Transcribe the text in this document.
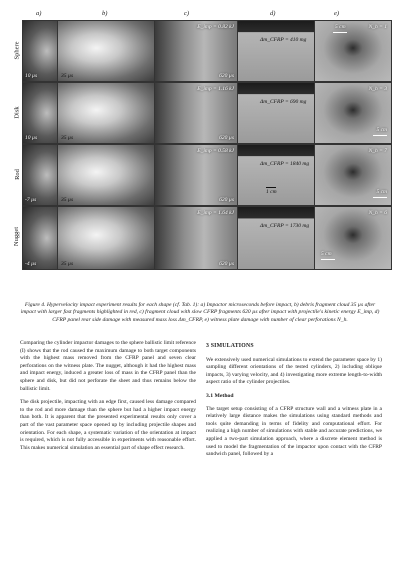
a)	b)	c)	d)	e)
Sphere
10 µs	35 µs
E_imp = 0.82 kJ
620 µs
Δm_CFRP = 410 mg
5 cm	N_h = 1
Disk
10 µs	35 µs
E_imp = 1.16 kJ
620 µs
Δm_CFRP = 690 mg
N_h = 3
5 cm
Rod
-7 µs	35 µs
E_imp = 0.58 kJ
620 µs
Δm_CFRP = 1840 mg
1 cm
N_h = 7
5 cm
Nugget
-4 µs	35 µs
E_imp = 1.64 kJ
620 µs
Δm_CFRP = 1730 mg
N_h = 6
5 cm
Figure 4. Hypervelocity impact experiment results for each shape (cf. Tab. 1): a) Impactor microseconds before impact, b) debris fragment cloud 35 µs after impact with larger fast fragments highlighted in red, c) fragment cloud with slow CFRP fragments 620 µs after impact with projectile's kinetic energy E_imp, d) CFRP panel rear side damage with measured mass loss Δm_CFRP, e) witness plate damage with number of clear perforations N_h.

Comparing the cylinder impactor damages to the sphere ballistic limit reference (I) shows that the rod caused the maximum damage to both target components with the highest mass removed from the CFRP panel and seven clear perforations on the witness plate. The nugget, although it had the highest mass and impact energy, induced a greater loss of mass in the CFRP panel than the sphere and disk, but did not perforate the sheet and thus remains below the ballistic limit.

The disk projectile, impacting with an edge first, caused less damage compared to the rod and more damage than the sphere but had a higher impact energy than both. It is apparent that the presented experimental results only cover a part of the vast parameter space opened up by including projectile shapes and orientation. For each shape, a systematic variation of the orientation at impact is required, which is not fully accessible in experiments with reasonable effort. This makes numerical simulation an essential part of shape effect research.

3 SIMULATIONS

We extensively used numerical simulations to extend the parameter space by 1) sampling different orientations of the tested cylinders, 2) including oblique impacts, 3) varying velocity, and 4) investigating more extreme length-to-width aspect ratio of the cylinder projectiles.

3.1 Method

The target setup consisting of a CFRP structure wall and a witness plate in a relatively large distance makes the simulations using standard methods and tools quite demanding in terms of fidelity and computational effort. For realizing a high number of simulations with stable and accurate predictions, we applied a two-part simulation approach, where a discrete element method is used to model the fragmentation of the impactor upon contact with the CFRP sandwich panel, followed by a
